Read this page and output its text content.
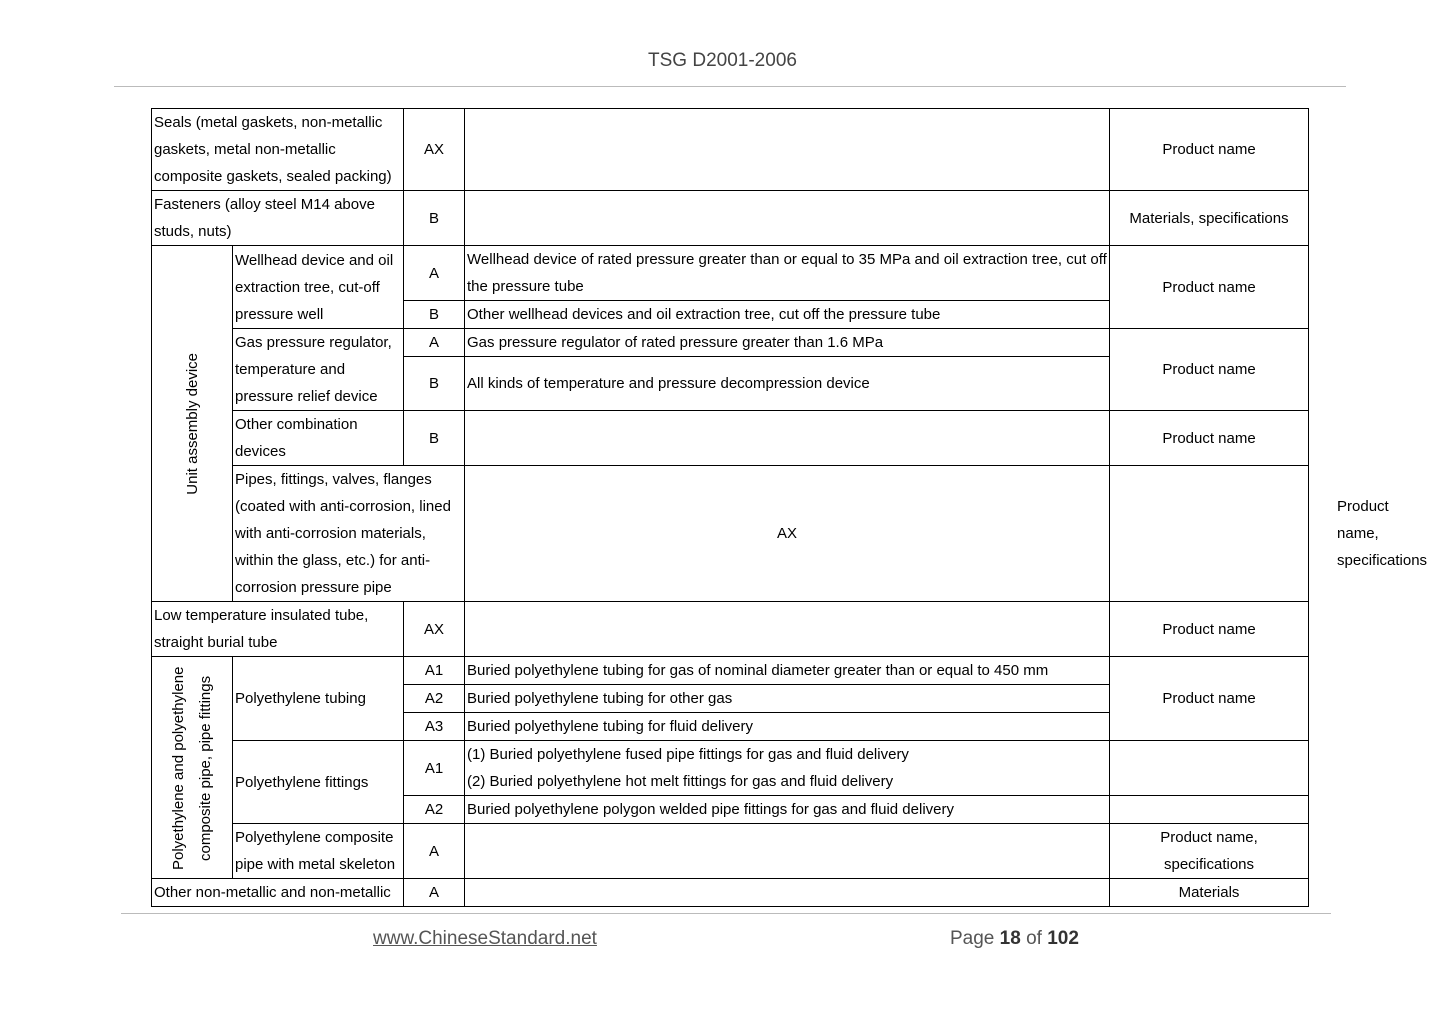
TSG D2001-2006
Seals (metal gaskets, non-metallic gaskets, metal non-metallic composite gaskets, sealed packing)		AX		Product name	
Fasteners (alloy steel M14 above studs, nuts)		B		Materials, specifications	

Unit assembly device	Wellhead device and oil extraction tree, cut-off pressure well	A	Wellhead device of rated pressure greater than or equal to 35 MPa and oil extraction tree, cut off the pressure tube	Product name	
		B	Other wellhead devices and oil extraction tree, cut off the pressure tube		
	Gas pressure regulator, temperature and pressure relief device	A	Gas pressure regulator of rated pressure greater than 1.6 MPa	Product name	
		B	All kinds of temperature and pressure decompression device		
	Other combination devices	B		Product name	
	Pipes, fittings, valves, flanges (coated with anti-corrosion, lined with anti-corrosion materials, within the glass, etc.) for anti-corrosion pressure pipe		AX		Product name, specifications
Low temperature insulated tube, straight burial tube		AX		Product name	

Polyethylene and polyethylene composite pipe, pipe fittings	Polyethylene tubing	A1	Buried polyethylene tubing for gas of nominal diameter greater than or equal to 450 mm	Product name	
		A2	Buried polyethylene tubing for other gas		
		A3	Buried polyethylene tubing for fluid delivery		
	Polyethylene fittings	A1	(1) Buried polyethylene fused pipe fittings for gas and fluid delivery
(2) Buried polyethylene hot melt fittings for gas and fluid delivery		

		A2	Buried polyethylene polygon welded pipe fittings for gas and fluid delivery		
	Polyethylene composite pipe with metal skeleton	A		Product name, specifications	
Other non-metallic and non-metallic		A		Materials	
www.ChineseStandard.net	Page 18 of 102
